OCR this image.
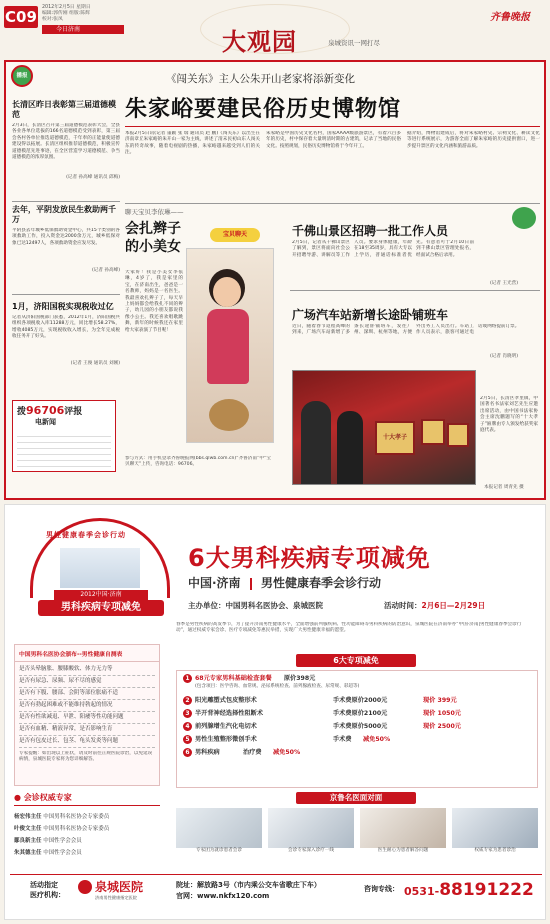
C09
2012年2月5日 星期日
编辑:郭传刚 组版:陈辉
校对:张凤
今日济南	大观园	泉城资讯一网打尽
齐鲁晚报
播报
长清区昨日表彰第三届道德模范
2月3日，长清区召开第三届道德模范表彰大会，全县各业各单位选拔的166名道德模范受到表彰，第三届会各村各单位推选道德模范，千年奉的正能量使道德建设得以拓展。长清区组织推荐道德模范，积极宣传道德模范先进事迹，在全区营造学习道德模范、争当道德模范的浓厚氛围。
(记者 孙高峰 通讯员 邱梅)
去年，平阴发放民生救助两千万
平阴县去年城乡低保救助资金中心，共15个类别的各项救助工作，投入资金达2000余万元，城乡低保对象已达12497人，各项救助资金应发尽发。
(记者 孙高峰)
1月，济阳国税实现税收过亿
记者从济阳国税部门获悉，2012年1月，济阳国税共组织各项税收入库11288万元，同比增长58.27%，增收4085万元，实现税收收入增长，为全年完成税收任务开了好头。
(记者 王俊 通讯员 刘刚)
拨96706评报
电新闻
《闯关东》主人公朱开山老家将添新变化
朱家峪要建民俗历史博物馆
本报2月5日讯(记者 董颖 张 瑞 通讯员 赵 鹏)《闯关东》以出生在济南章丘朱家峪的朱开山一家为主线，讲述了清末民初山东人闯关东的传奇故事，随着电视剧的热播，朱家峪越来越受到人们的关注。
朱家峪是中国历史文化名村，国家AAAA级旅游景区，有着六百多年的历史，村中保存着大量明清时期的古建筑，记录了当地的民俗文化。按照规划，民俗历史博物馆将于今年开工。
据介绍，博物馆建成后，将对朱家峪村史、宗祠文化、耕读文化等进行系统展示，为游客全面了解朱家峪的历史提供窗口，进一步提升景区的文化内涵和旅游品质。
聊天宝贝李依琳——
会扎辫子
的小美女
宝贝聊天
大家好！我是小美女李依琳，4岁了，我是家里的宝，在济南出生，爸爸是一名教师，妈妈是一名医生。我最喜欢扎辫子了，每天早上妈妈都会给我扎不同的辫子，幼儿园的小朋友都说我像小公主。我还喜欢唱歌跳舞，新年的时候我还在家里给大家表演了节目呢！
参与方式：用手机登录齐鲁晚报网(bbs.qlwb.com.cn)“齐鲁济南”中“宝贝聊天”上传，咨询电话：96706。
千佛山景区招聘一批工作人员
2月5日，记者从千佛山景区了解到，景区将面向社会公开招聘导游、讲解员等工作人员。要求身体健康，年龄在18至35周岁，具有大专以上学历，普通话标准者优先。有意者可于2月10日前到千佛山景区管理处报名，经面试合格后录用。
(记者 王光营)
广场汽车站新增长途卧铺班车
近日，随着春节返程高峰的到来，广场汽车站新增了多条长途卧铺班车，发往广州、深圳、杭州等地，方便外出务工人员出行。车站工作人员表示，旅客可通过电话或网络提前订票。
(记者 肖晓明)
十大孝子
2月5日，长清区孝里镇，中国著名书法家刘艺先生应邀出席活动，由中国书法家协会主席沈鹏题写的“十大孝子”匾牌由专人颁发给获奖家庭代表。
本报记者 周青先 摄
男性健康春季会诊行动
2012中国·济南
男科疾病专项减免
6大男科疾病专项减免
中国·济南 男性健康春季会诊行动
主办单位：中国男科名医协会、泉城医院	活动时间：2月6日—2月29日
春季是男性疾病的高发季节，为了提升济南男性健康水平，全面增强前列腺疾病、性功能障碍等男科疾病的防治意识，泉城医院在济南举办“中国·济南|男性健康春季会诊行动”，通过权威专家会诊、医疗专项减免等惠民举措，实现广大男性健康幸福的愿望。
中国男科名医协会颁布--男性健康自测表
是否头晕脑胀、腰膝酸软、体力无力等
是否有尿急、尿频、尿不尽的感觉
是否有下腹、腰部、会阴等部位胀痛不适
是否有勃起困难或不能维持勃起的情况
是否有性欲减退、早泄、阳痿等性功能问题
是否有血精、精液异常，是否影响生育
是否有包皮过长、包茎、龟头发炎等问题
专家提醒：如出现以上症状，请及时前往正规医院诊治，以免延误病情，泉城医院专家将为您详细解答。
6大专项减免
1 68元专家男科基础检查套餐 原价398元
(包含项目：医学咨询、血常规、泌尿系统检查、前列腺液检查、尿常规、彩超等)
2 阳光雕塑式包皮整形术	手术费原价2000元	现价 399元
3 半开背神经选择性阻断术	手术费原价2100元	现价 1050元
4 前列腺增生汽化电切术	手术费原价5000元	现价 2500元
5 男性生殖整形微创手术	手术费	减免50%
6 男科疾病	治疗费	减免50%
● 会诊权威专家
杨宏伟主任 中国男科名医协会专家委员
叶俊文主任 中国男科名医协会专家委员
鄢良新主任 中国性学会会员
朱其德主任 中国性学会会员
京鲁名医面对面
专家团为就诊患者会诊	会诊专家深入诊疗一线	医生耐心为患者解答问题	权威专家为患者诊治
活动指定
医疗机构：
泉城医院
济南男性健康指定医院
院址：解放路3号（市内乘公交车省歌庄下车）
官网：www.nkfx120.com
咨询专线： 0531-88191222
